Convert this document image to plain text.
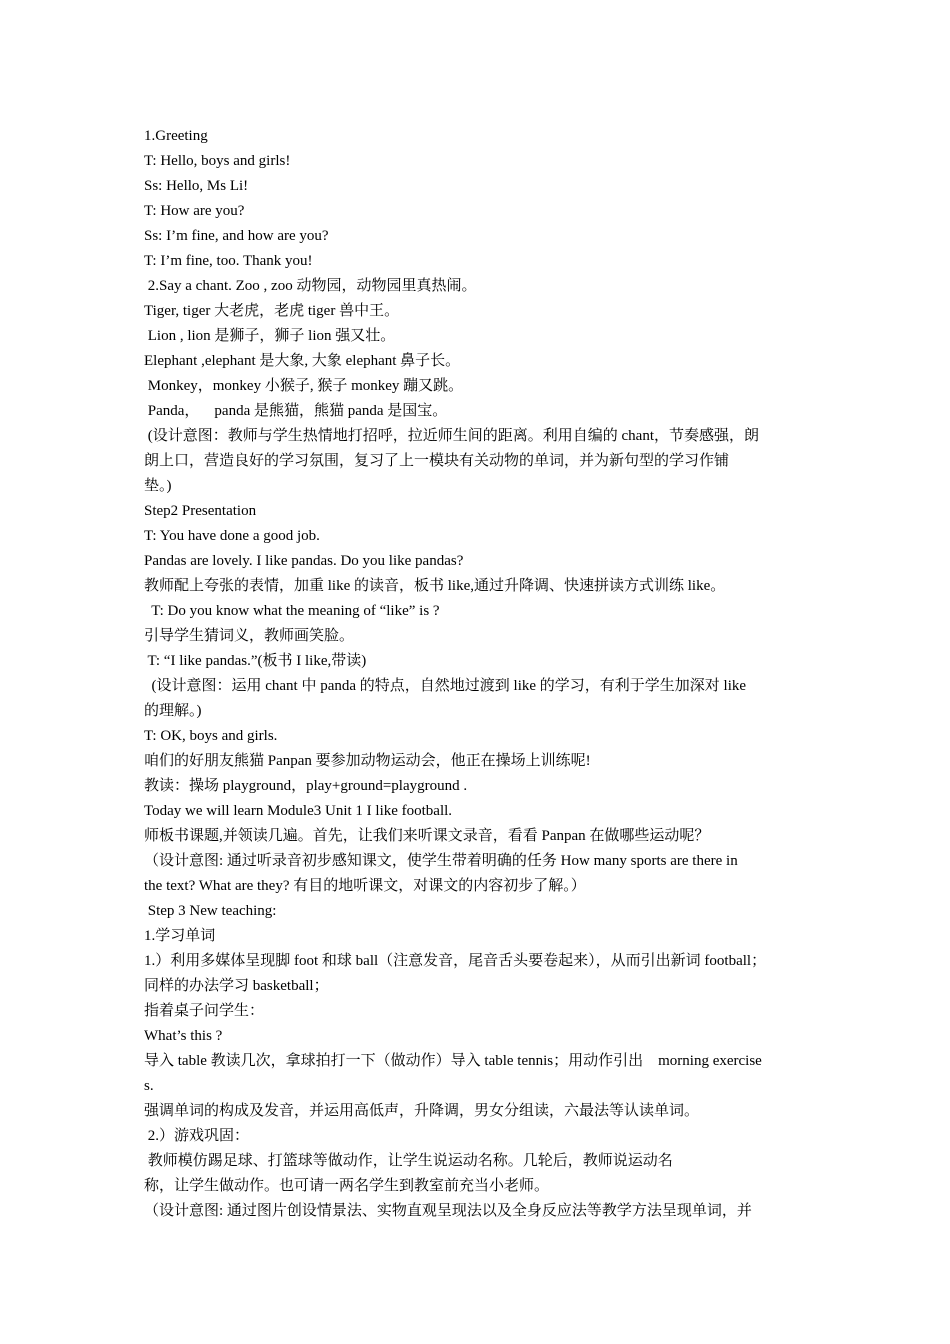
1.Greeting
T: Hello, boys and girls!
Ss: Hello, Ms Li!
T: How are you?
Ss: I’m fine, and how are you?
T: I’m fine, too. Thank you!
2.Say a chant. Zoo , zoo 动物园，动物园里真热闹。
Tiger, tiger 大老虎，老虎 tiger 兽中王。
Lion , lion 是狮子，狮子 lion 强又壮。
Elephant ,elephant 是大象, 大象 elephant 鼻子长。
Monkey，monkey 小猴子, 猴子 monkey 蹦又跳。
Panda，    panda 是熊猫，熊猫 panda 是国宝。
(设计意图：教师与学生热情地打招呼，拉近师生间的距离。利用自编的 chant，节奏感强，朗
朗上口，营造良好的学习氛围，复习了上一模块有关动物的单词，并为新句型的学习作铺
垫。)
Step2 Presentation
T: You have done a good job.
Pandas are lovely. I like pandas. Do you like pandas?
教师配上夸张的表情，加重 like 的读音，板书 like,通过升降调、快速拼读方式训练 like。
T: Do you know what the meaning of “like” is ?
引导学生猜词义，教师画笑脸。
T: “I like pandas.”(板书 I like,带读)
(设计意图：运用 chant 中 panda 的特点，自然地过渡到 like 的学习，有利于学生加深对 like
的理解。)
T: OK, boys and girls.
咱们的好朋友熊猫 Panpan 要参加动物运动会，他正在操场上训练呢!
教读：操场 playground，play+ground=playground .
Today we will learn Module3 Unit 1 I like football.
师板书课题,并领读几遍。首先，让我们来听课文录音，看看 Panpan 在做哪些运动呢？
（设计意图: 通过听录音初步感知课文，使学生带着明确的任务 How many sports are there in
the text? What are they? 有目的地听课文，对课文的内容初步了解。）
Step 3 New teaching:
1.学习单词
1.）利用多媒体呈现脚 foot 和球 ball（注意发音，尾音舌头要卷起来），从而引出新词 football；
同样的办法学习 basketball；
指着桌子问学生：
What’s this ?
导入 table 教读几次，拿球拍打一下（做动作）导入 table tennis；用动作引出    morning exercise
s.
强调单词的构成及发音，并运用高低声，升降调，男女分组读，六最法等认读单词。
2.）游戏巩固：
教师模仿踢足球、打篮球等做动作，让学生说运动名称。几轮后，教师说运动名
称，让学生做动作。也可请一两名学生到教室前充当小老师。
（设计意图: 通过图片创设情景法、实物直观呈现法以及全身反应法等教学方法呈现单词，并
